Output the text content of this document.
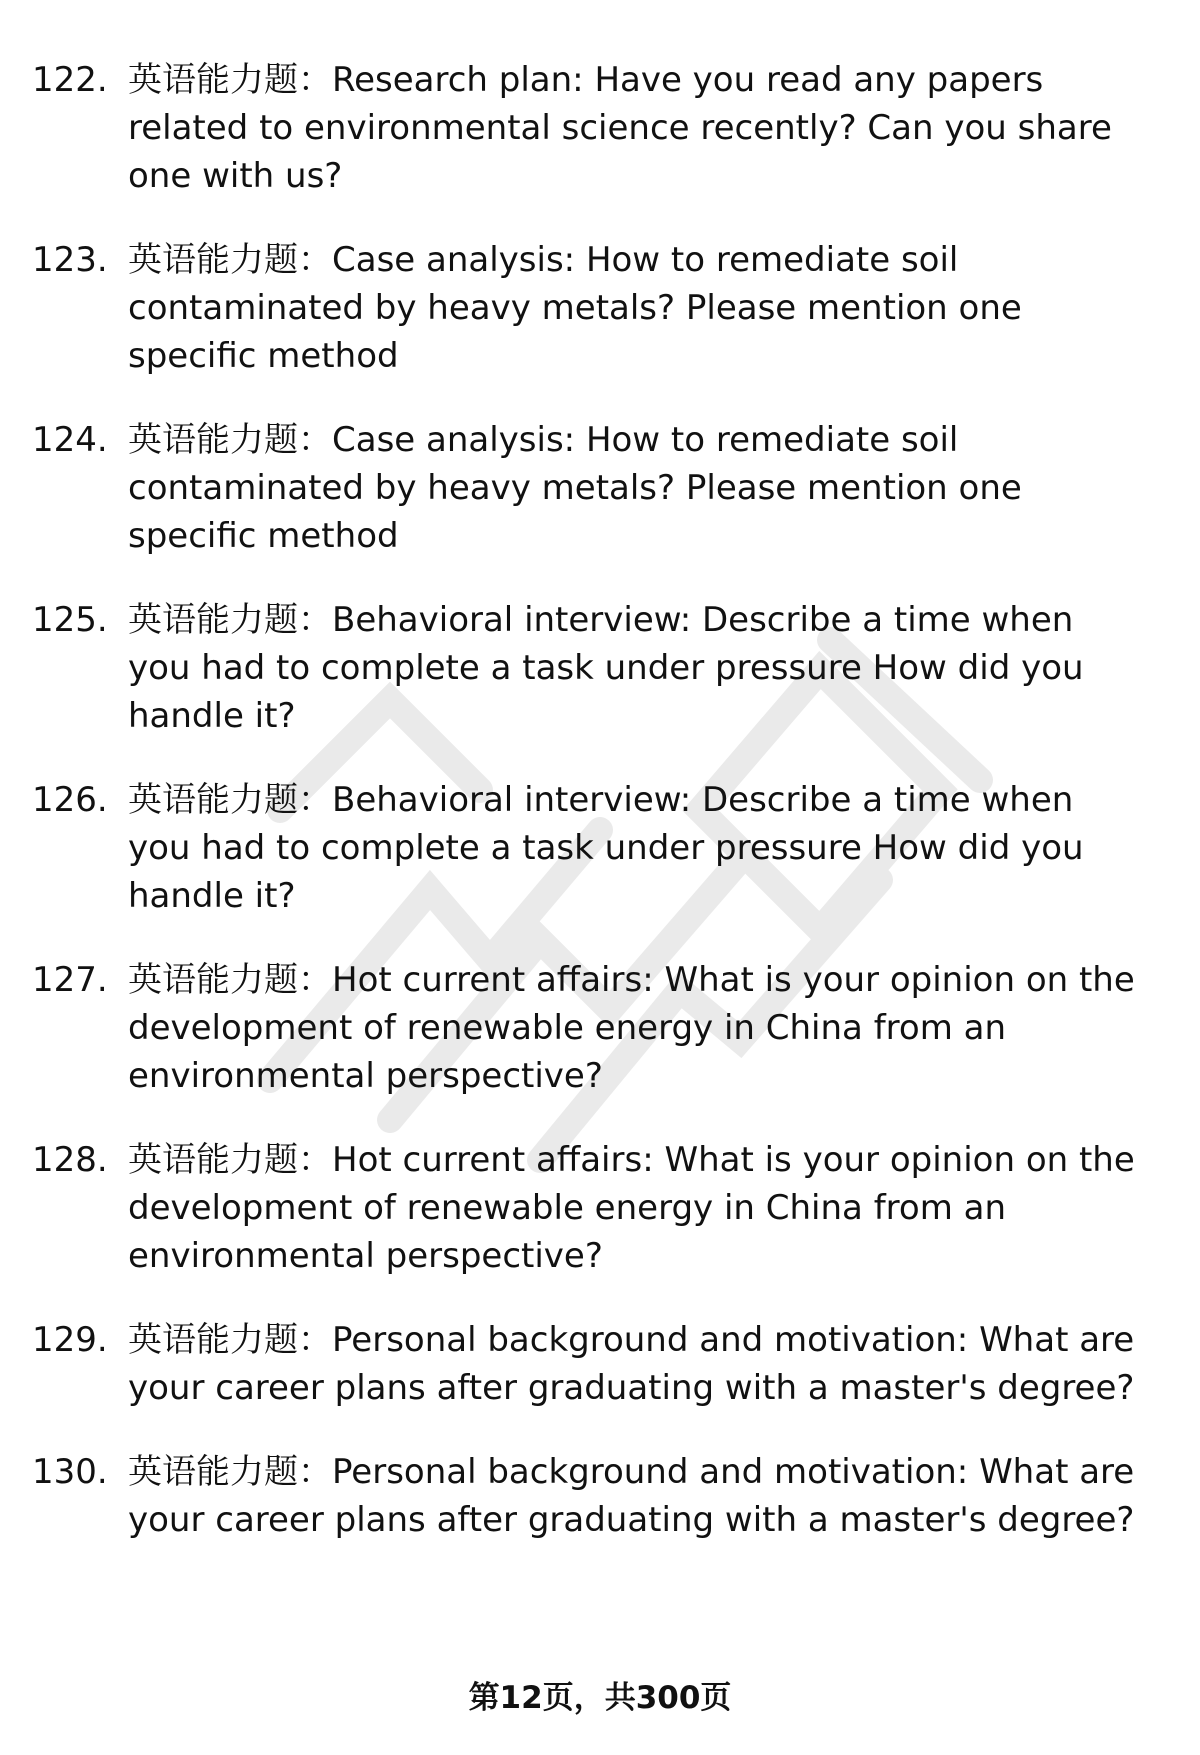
122. 英语能力题：Research plan: Have you read any papers related to environmental science recently? Can you share one with us?
123. 英语能力题：Case analysis: How to remediate soil contaminated by heavy metals? Please mention one specific method
124. 英语能力题：Case analysis: How to remediate soil contaminated by heavy metals? Please mention one specific method
125. 英语能力题：Behavioral interview: Describe a time when you had to complete a task under pressure How did you handle it?
126. 英语能力题：Behavioral interview: Describe a time when you had to complete a task under pressure How did you handle it?
127. 英语能力题：Hot current affairs: What is your opinion on the development of renewable energy in China from an environmental perspective?
128. 英语能力题：Hot current affairs: What is your opinion on the development of renewable energy in China from an environmental perspective?
129. 英语能力题：Personal background and motivation: What are your career plans after graduating with a master's degree?
130. 英语能力题：Personal background and motivation: What are your career plans after graduating with a master's degree?
第12页，共300页
